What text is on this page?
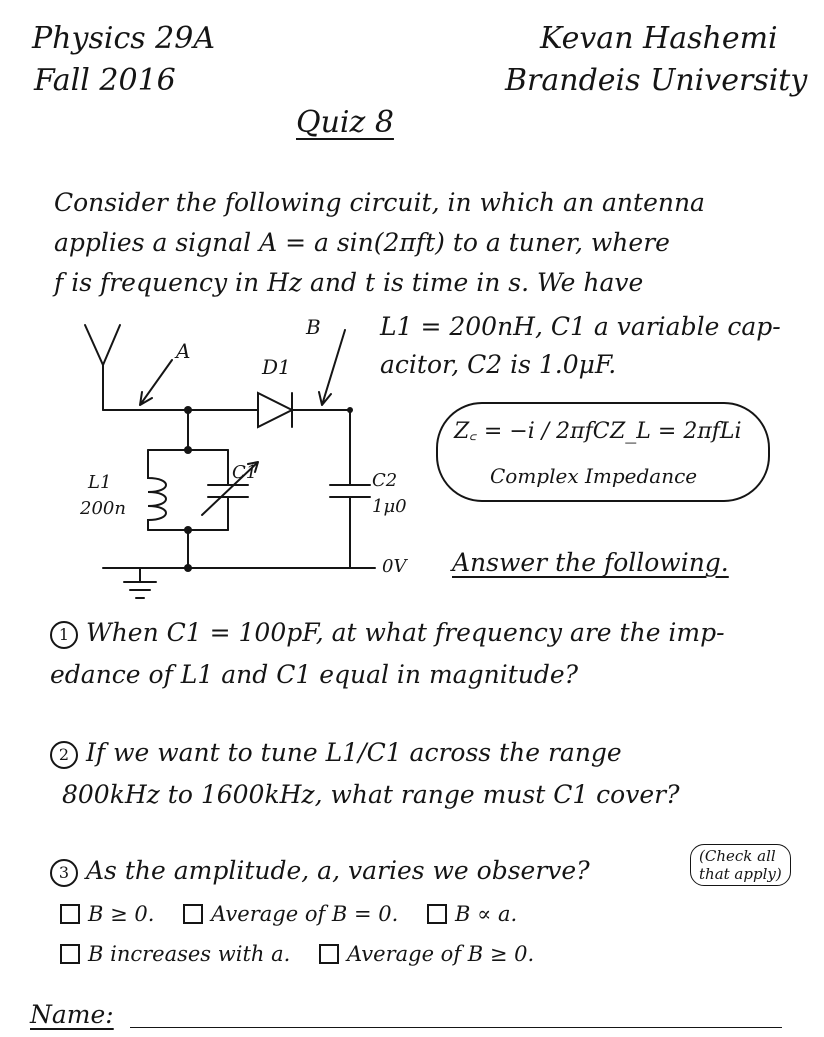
Physics 29A
Fall 2016
Kevan Hashemi
Brandeis University
Quiz 8
Consider the following circuit, in which an antenna
applies a signal A = a sin(2πft) to a tuner, where
f is frequency in Hz and t is time in s. We have
L1 = 200nH, C1 a variable cap-
acitor, C2 is 1.0μF.
A
B
D1
L1
200n
C1	C2
1μ0
0V
Z꜀ = −i / 2πfC Z_L = 2πfLi
Complex Impedance
Answer the following.
1 When C1 = 100pF, at what frequency are the imp-
edance of L1 and C1 equal in magnitude?
2 If we want to tune L1/C1 across the range
800kHz to 1600kHz, what range must C1 cover?
3 As the amplitude, a, varies we observe?	(Check all
that apply)
B ≥ 0.	Average of B = 0.	B ∝ a.
B increases with a.	Average of B ≥ 0.
Name:
